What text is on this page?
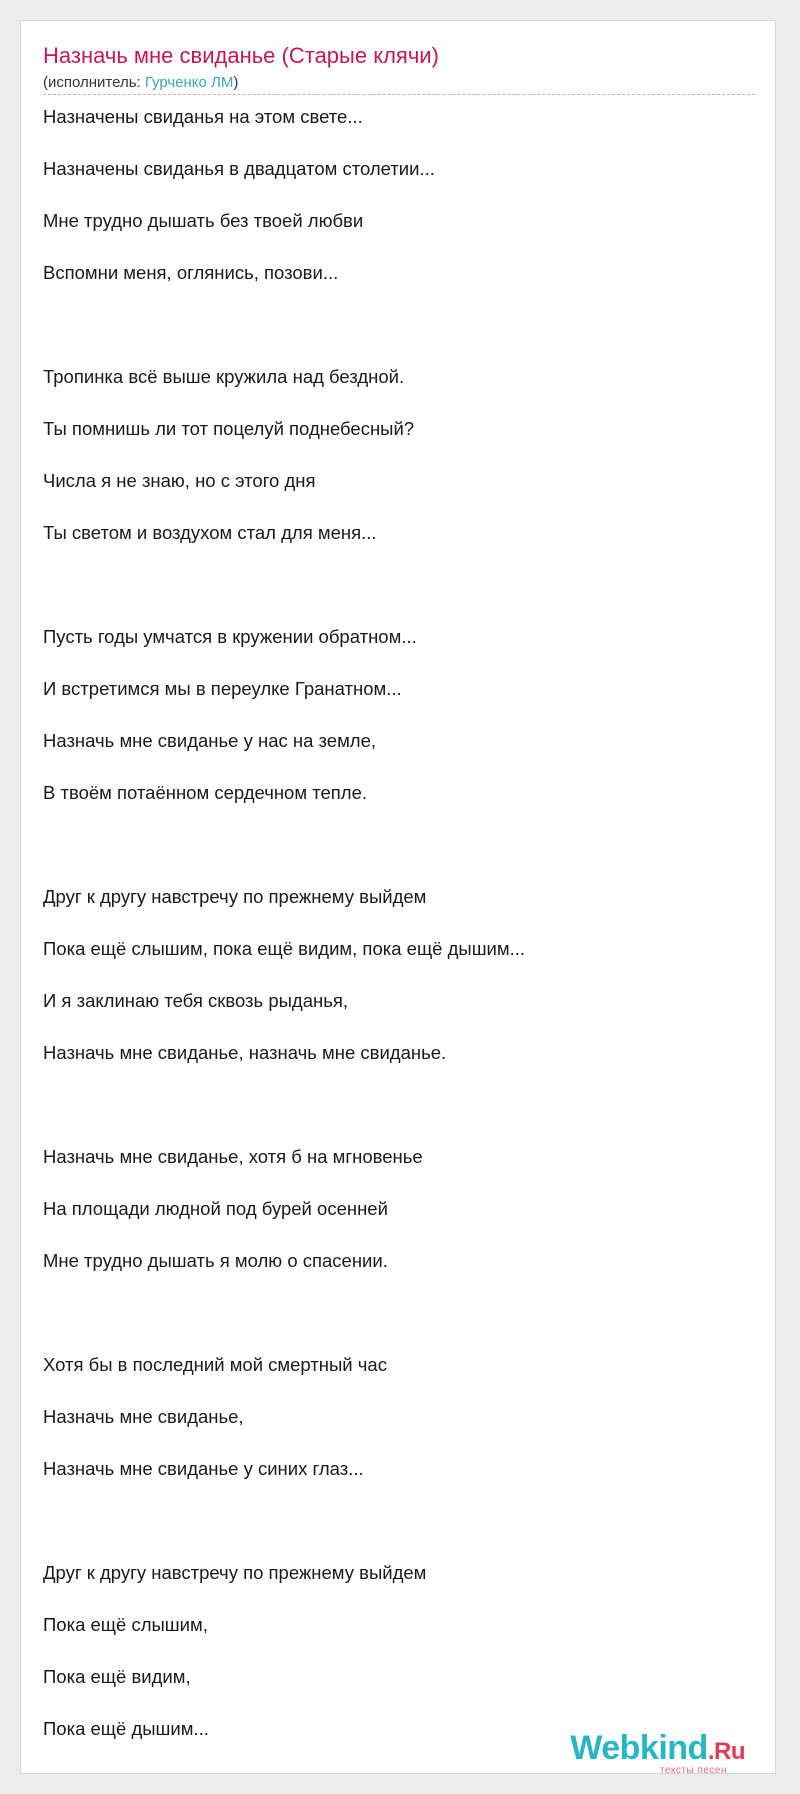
Назначь мне свиданье (Старые клячи)
(исполнитель: Гурченко ЛМ)
Назначены свиданья на этом свете...
Назначены свиданья в двадцатом столетии...
Мне трудно дышать без твоей любви
Вспомни меня, оглянись, позови...
Тропинка всё выше кружила над бездной.
Ты помнишь ли тот поцелуй поднебесный?
Числа я не знаю, но с этого дня
Ты светом и воздухом стал для меня...
Пусть годы умчатся в кружении обратном...
И встретимся мы в переулке Гранатном...
Назначь мне свиданье у нас на земле,
В твоём потаённом сердечном тепле.
Друг к другу навстречу по прежнему выйдем
Пока ещё слышим, пока ещё видим, пока ещё дышим...
И я заклинаю тебя сквозь рыданья,
Назначь мне свиданье, назначь мне свиданье.
Назначь мне свиданье, хотя б на мгновенье
На площади людной под бурей осенней
Мне трудно дышать я молю о спасении.
Хотя бы в последний мой смертный час
Назначь мне свиданье,
Назначь мне свиданье у синих глаз...
Друг к другу навстречу по прежнему выйдем
Пока ещё слышим,
Пока ещё видим,
Пока ещё дышим...
Webkind.Ru
тексты песен
